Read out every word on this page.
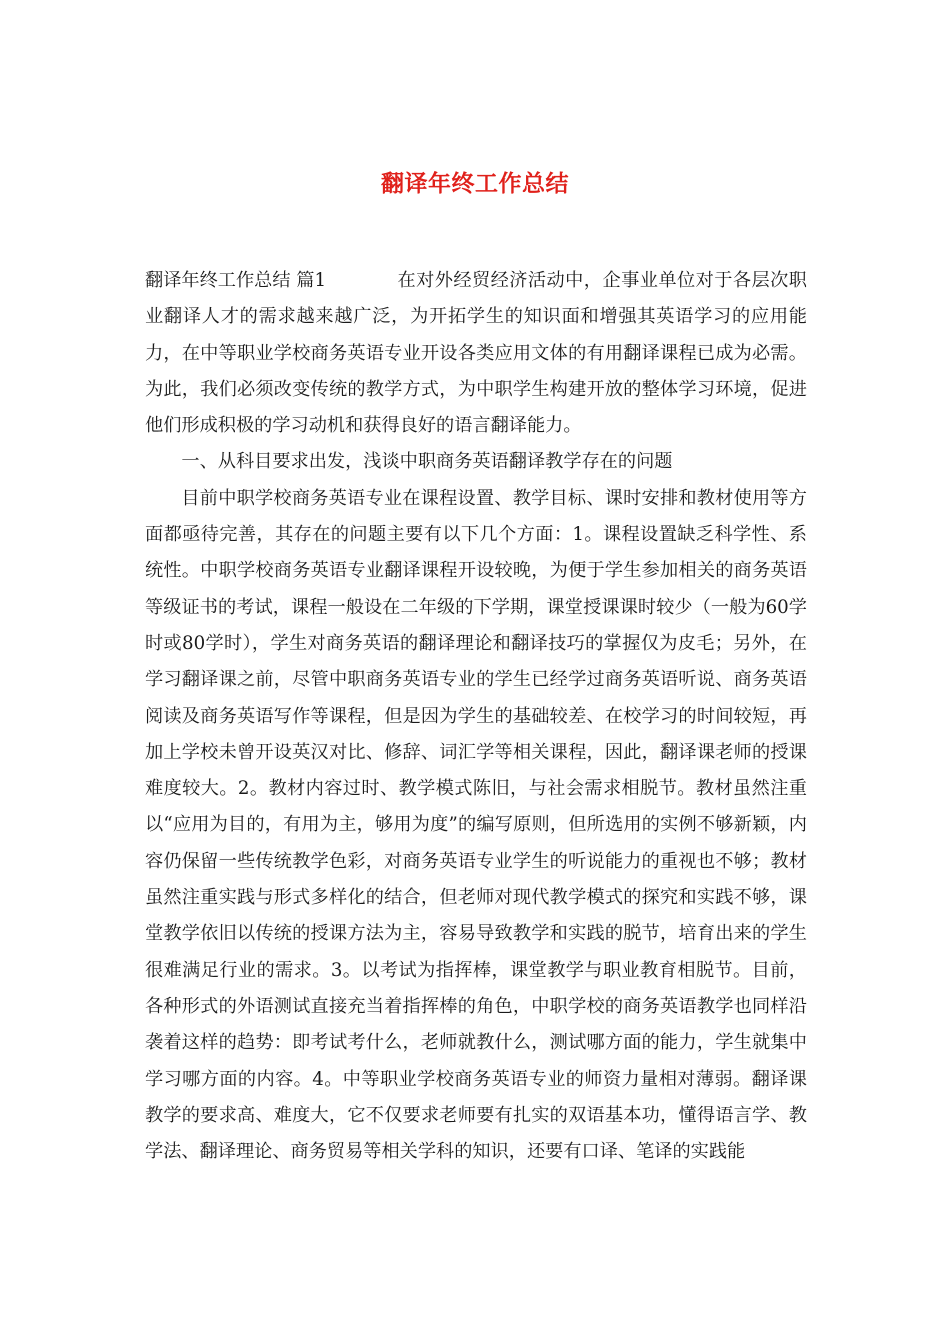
翻译年终工作总结

翻译年终工作总结 篇1	在对外经贸经济活动中，企事业单位对于各层次职业翻译人才的需求越来越广泛，为开拓学生的知识面和增强其英语学习的应用能力，在中等职业学校商务英语专业开设各类应用文体的有用翻译课程已成为必需。为此，我们必须改变传统的教学方式，为中职学生构建开放的整体学习环境，促进他们形成积极的学习动机和获得良好的语言翻译能力。

一、从科目要求出发，浅谈中职商务英语翻译教学存在的问题

目前中职学校商务英语专业在课程设置、教学目标、课时安排和教材使用等方面都亟待完善，其存在的问题主要有以下几个方面：1。课程设置缺乏科学性、系统性。中职学校商务英语专业翻译课程开设较晚，为便于学生参加相关的商务英语等级证书的考试，课程一般设在二年级的下学期，课堂授课课时较少（一般为60学时或80学时），学生对商务英语的翻译理论和翻译技巧的掌握仅为皮毛；另外，在学习翻译课之前，尽管中职商务英语专业的学生已经学过商务英语听说、商务英语阅读及商务英语写作等课程，但是因为学生的基础较差、在校学习的时间较短，再加上学校未曾开设英汉对比、修辞、词汇学等相关课程，因此，翻译课老师的授课难度较大。2。教材内容过时、教学模式陈旧，与社会需求相脱节。教材虽然注重以“应用为目的，有用为主，够用为度”的编写原则，但所选用的实例不够新颖，内容仍保留一些传统教学色彩，对商务英语专业学生的听说能力的重视也不够；教材虽然注重实践与形式多样化的结合，但老师对现代教学模式的探究和实践不够，课堂教学依旧以传统的授课方法为主，容易导致教学和实践的脱节，培育出来的学生很难满足行业的需求。3。以考试为指挥棒，课堂教学与职业教育相脱节。目前，各种形式的外语测试直接充当着指挥棒的角色，中职学校的商务英语教学也同样沿袭着这样的趋势：即考试考什么，老师就教什么，测试哪方面的能力，学生就集中学习哪方面的内容。4。中等职业学校商务英语专业的师资力量相对薄弱。翻译课教学的要求高、难度大，它不仅要求老师要有扎实的双语基本功，懂得语言学、教学法、翻译理论、商务贸易等相关学科的知识，还要有口译、笔译的实践能
